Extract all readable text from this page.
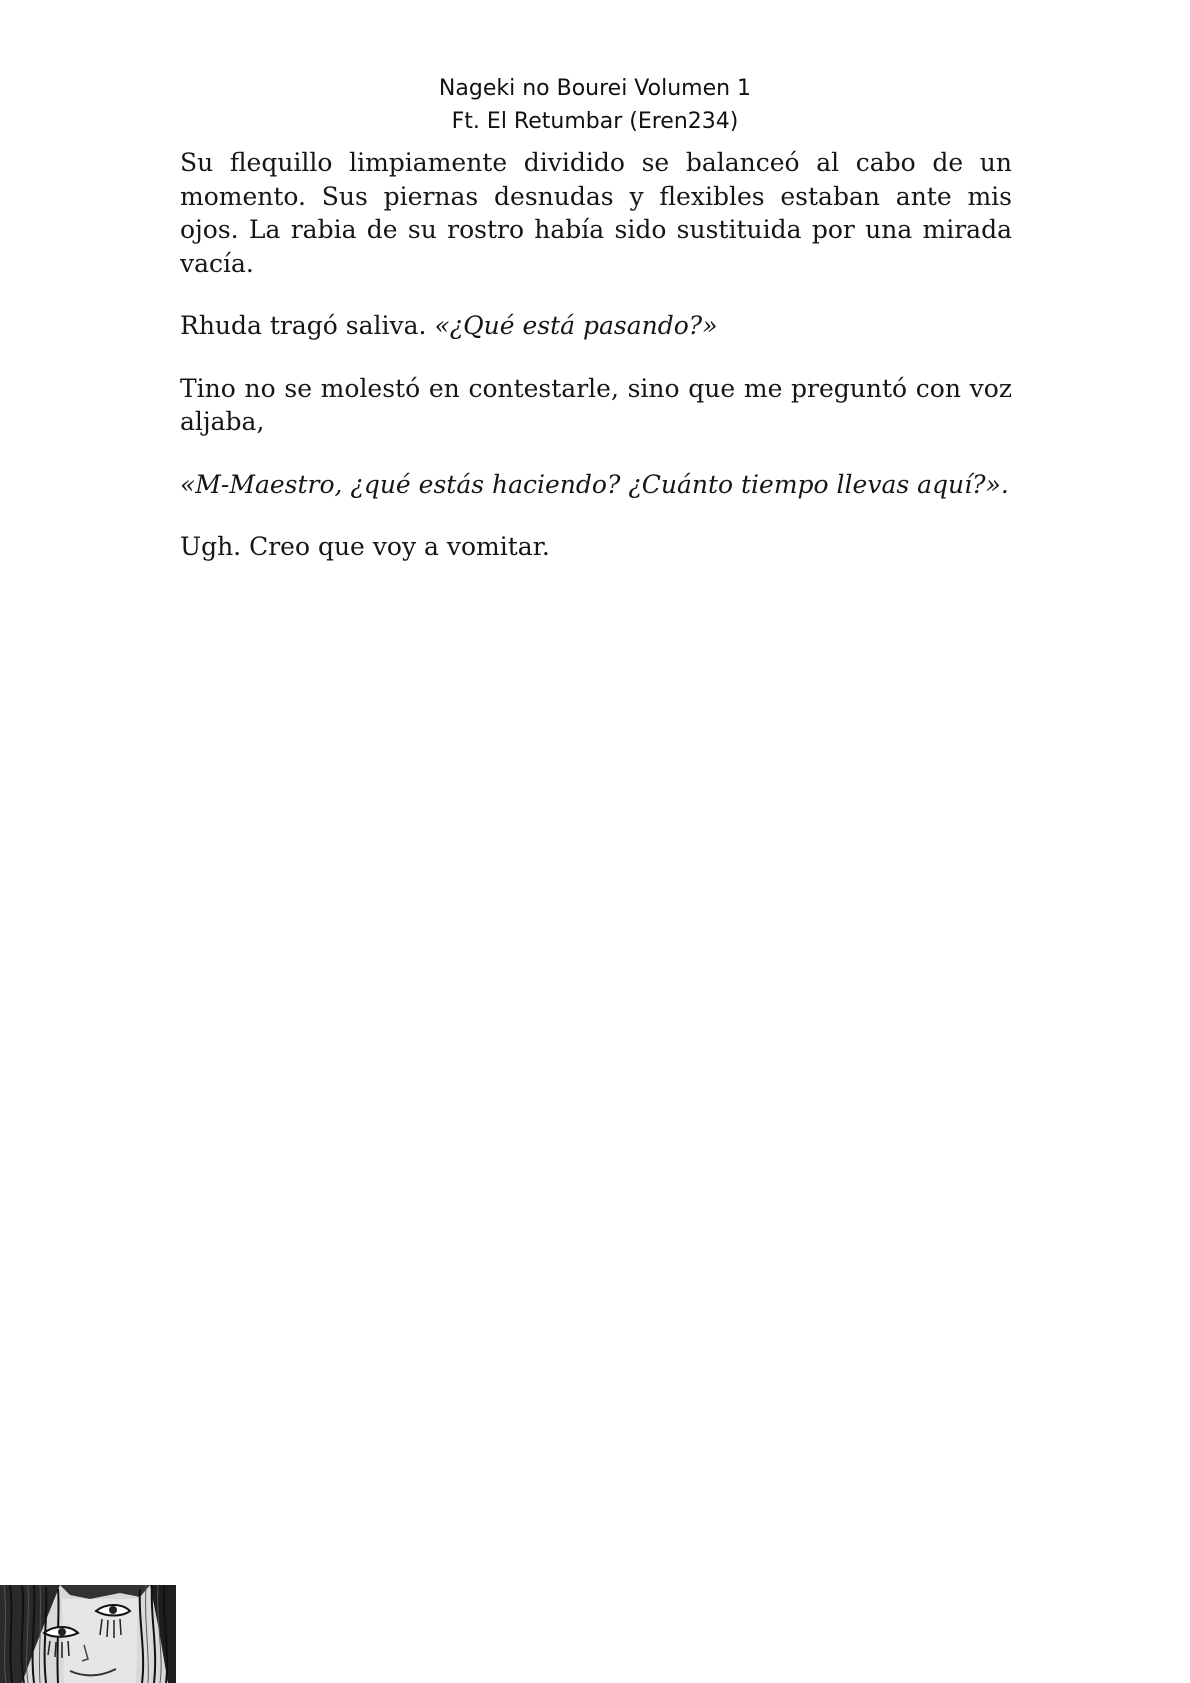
Nageki no Bourei Volumen 1
Ft. El Retumbar (Eren234)

Su flequillo limpiamente dividido se balanceó al cabo de un momento. Sus piernas desnudas y flexibles estaban ante mis ojos. La rabia de su rostro había sido sustituida por una mirada vacía.

Rhuda tragó saliva. «¿Qué está pasando?»

Tino no se molestó en contestarle, sino que me preguntó con voz aljaba,

«M-Maestro, ¿qué estás haciendo? ¿Cuánto tiempo llevas aquí?».

Ugh. Creo que voy a vomitar.
